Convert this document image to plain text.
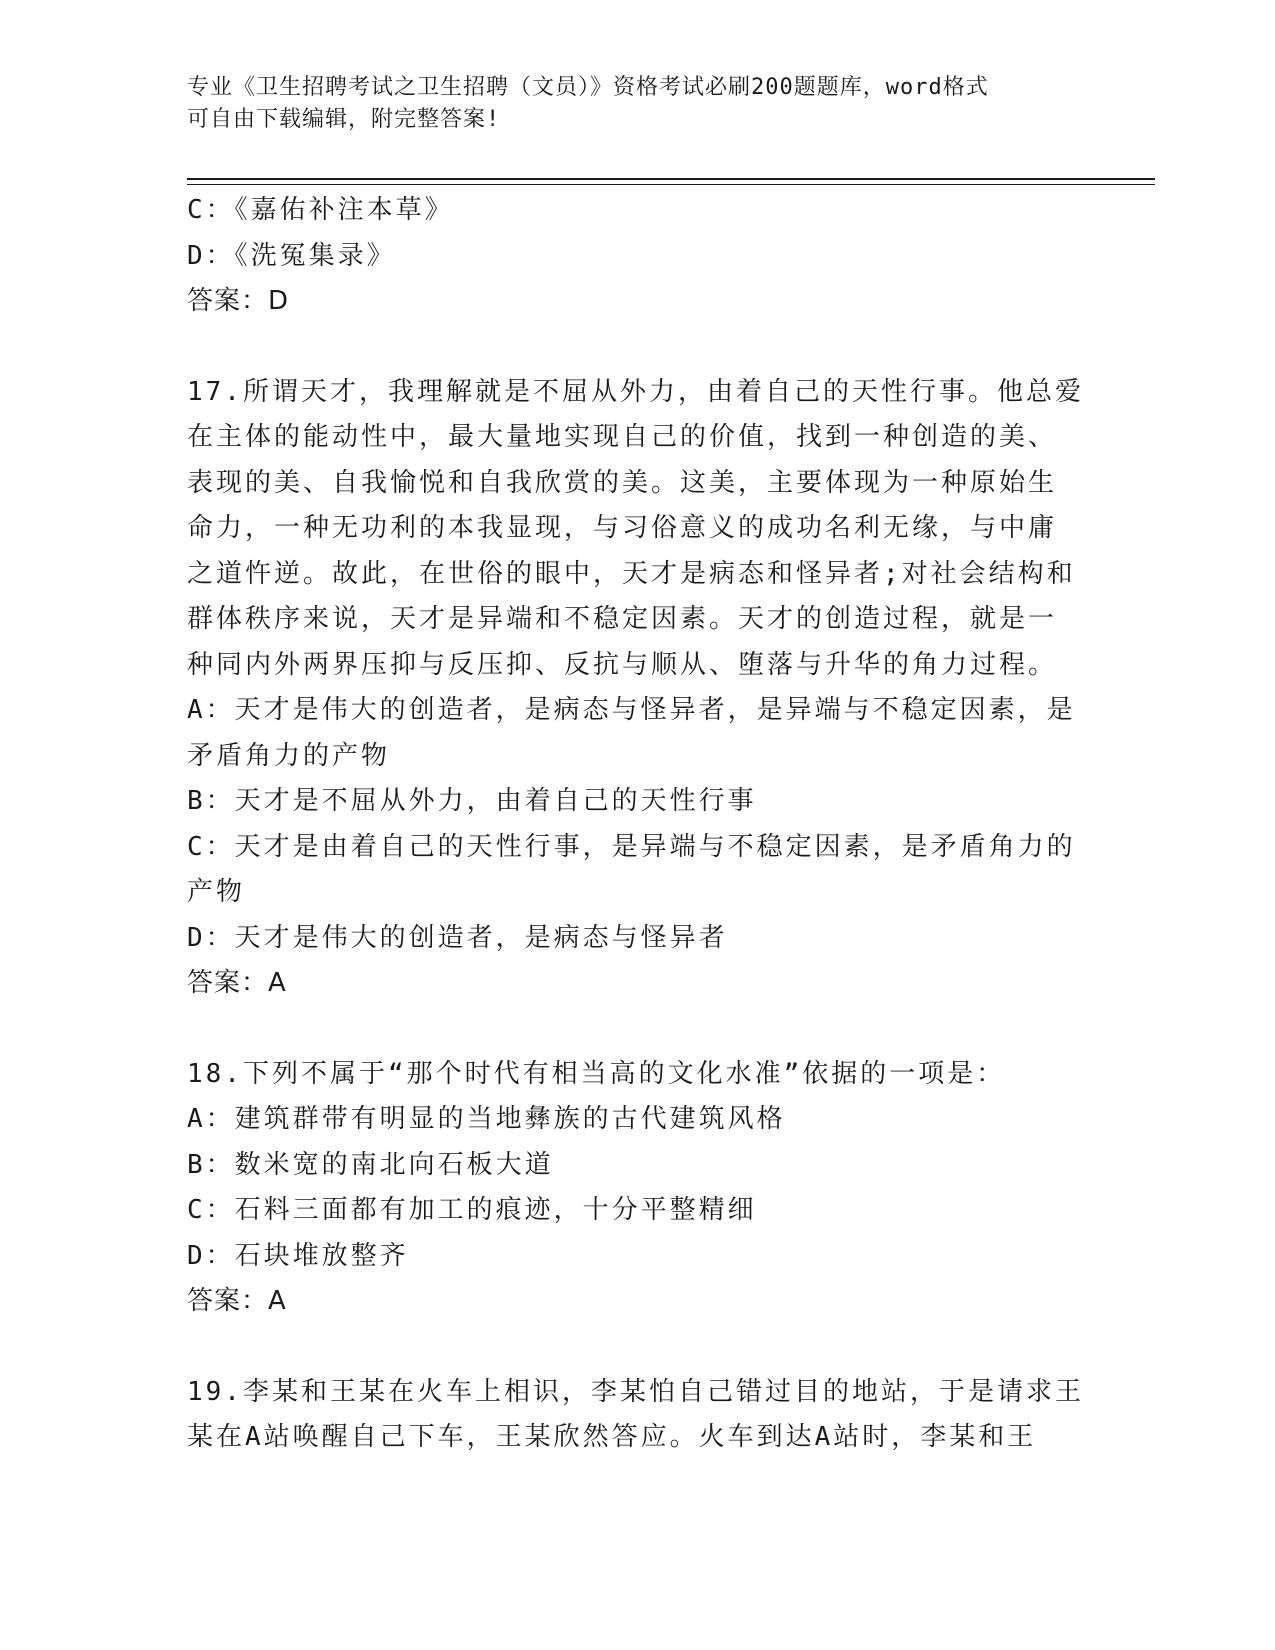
专业《卫生招聘考试之卫生招聘（文员）》资格考试必刷200题题库，word格式
可自由下载编辑，附完整答案!
C：《嘉佑补注本草》
D：《洗冤集录》
答案：D
17.所谓天才，我理解就是不屈从外力，由着自己的天性行事。他总爱
在主体的能动性中，最大量地实现自己的价值，找到一种创造的美、
表现的美、自我愉悦和自我欣赏的美。这美，主要体现为一种原始生
命力，一种无功利的本我显现，与习俗意义的成功名利无缘，与中庸
之道忤逆。故此，在世俗的眼中，天才是病态和怪异者;对社会结构和
群体秩序来说，天才是异端和不稳定因素。天才的创造过程，就是一
种同内外两界压抑与反压抑、反抗与顺从、堕落与升华的角力过程。
A：天才是伟大的创造者，是病态与怪异者，是异端与不稳定因素，是
矛盾角力的产物
B：天才是不屈从外力，由着自己的天性行事
C：天才是由着自己的天性行事，是异端与不稳定因素，是矛盾角力的
产物
D：天才是伟大的创造者，是病态与怪异者
答案：A
18.下列不属于“那个时代有相当高的文化水准”依据的一项是：
A：建筑群带有明显的当地彝族的古代建筑风格
B：数米宽的南北向石板大道
C：石料三面都有加工的痕迹，十分平整精细
D：石块堆放整齐
答案：A
19.李某和王某在火车上相识，李某怕自己错过目的地站，于是请求王
某在A站唤醒自己下车，王某欣然答应。火车到达A站时，李某和王
